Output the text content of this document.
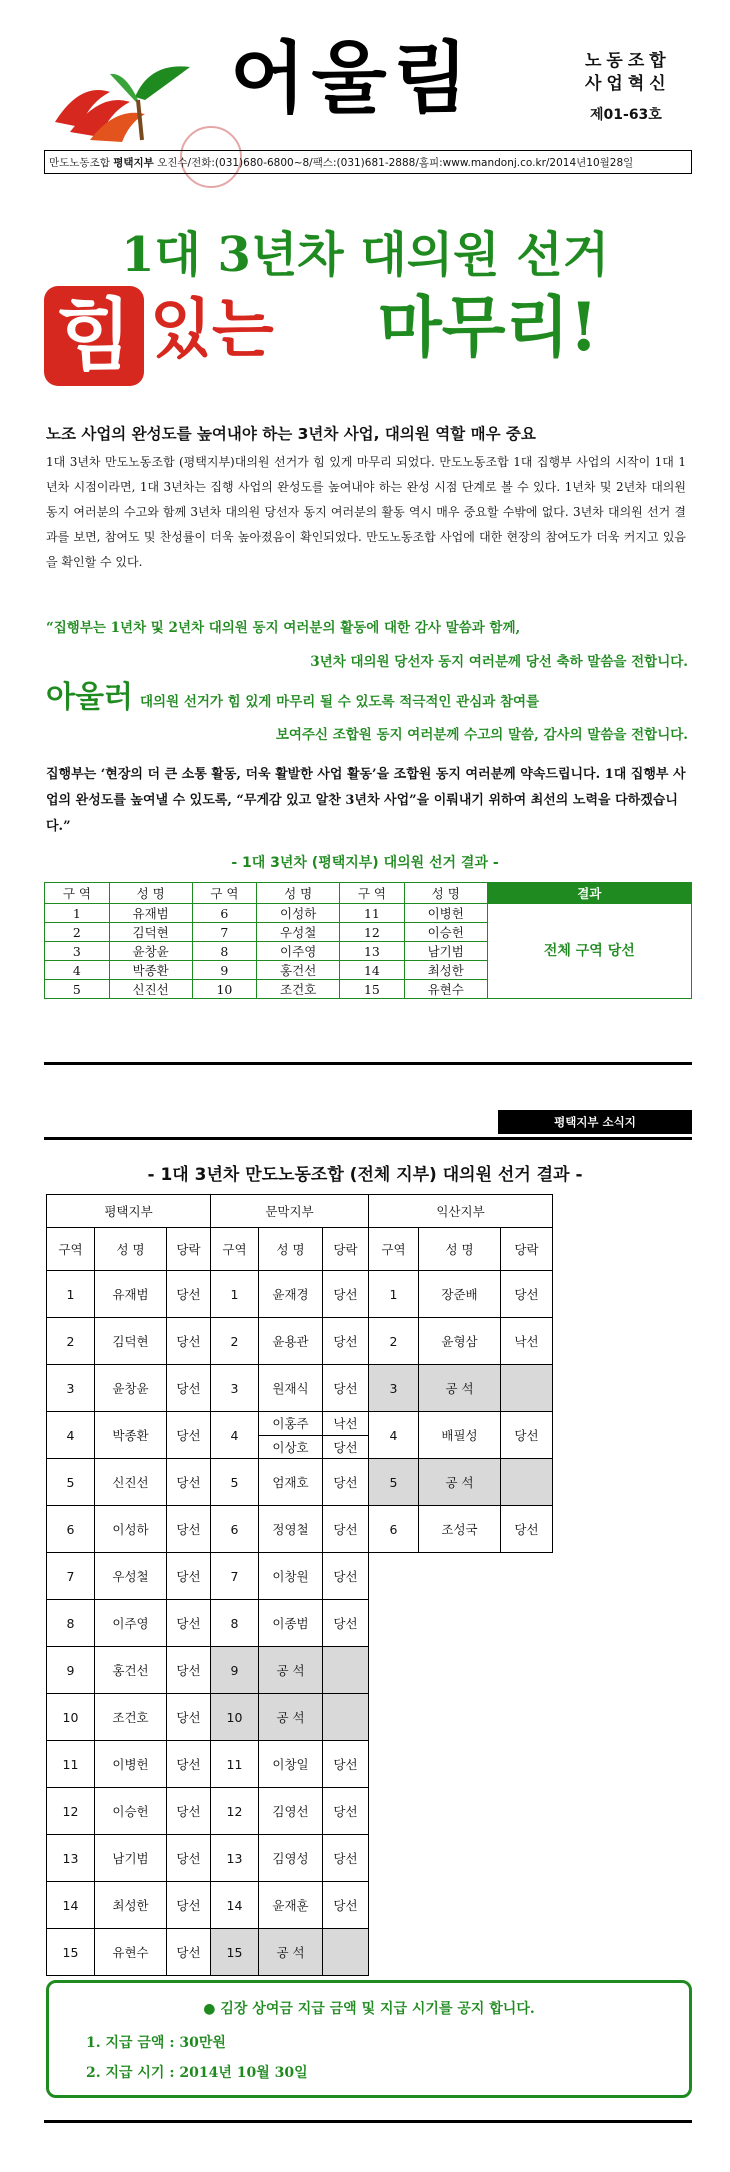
어울림	노동조합
사업혁신
제01-63호
만도노동조합 평택지부 오진수/전화:(031)680-6800~8/팩스:(031)681-2888/홈피:www.mandonj.co.kr/2014년10월28일
1대 3년차 대의원 선거
힘 있는 마무리!
노조 사업의 완성도를 높여내야 하는 3년차 사업, 대의원 역할 매우 중요
1대 3년차 만도노동조합 (평택지부)대의원 선거가 힘 있게 마무리 되었다. 만도노동조합 1대 집행부 사업의 시작이 1대 1년차 시점이라면, 1대 3년차는 집행 사업의 완성도를 높여내야 하는 완성 시점 단계로 볼 수 있다. 1년차 및 2년차 대의원 동지 여러분의 수고와 함께 3년차 대의원 당선자 동지 여러분의 활동 역시 매우 중요할 수밖에 없다. 3년차 대의원 선거 결과를 보면, 참여도 및 찬성률이 더욱 높아졌음이 확인되었다. 만도노동조합 사업에 대한 현장의 참여도가 더욱 커지고 있음을 확인할 수 있다.
“집행부는 1년차 및 2년차 대의원 동지 여러분의 활동에 대한 감사 말씀과 함께,
3년차 대의원 당선자 동지 여러분께 당선 축하 말씀을 전합니다.
아울러 대의원 선거가 힘 있게 마무리 될 수 있도록 적극적인 관심과 참여를
보여주신 조합원 동지 여러분께 수고의 말씀, 감사의 말씀을 전합니다.
집행부는 ‘현장의 더 큰 소통 활동, 더욱 활발한 사업 활동’을 조합원 동지 여러분께 약속드립니다. 1대 집행부 사업의 완성도를 높여낼 수 있도록, “무게감 있고 알찬 3년차 사업”을 이뤄내기 위하여 최선의 노력을 다하겠습니다.”
- 1대 3년차 (평택지부) 대의원 선거 결과 -
구 역	성 명	구 역	성 명	구 역	성 명	결과
1	유재범	6	이성하	11	이병헌	전체 구역 당선
2	김덕현	7	우성철	12	이승헌	
3	윤창윤	8	이주영	13	남기범	
4	박종환	9	홍건선	14	최성한	
5	신진선	10	조건호	15	유현수	
평택지부 소식지
- 1대 3년차 만도노동조합 (전체 지부) 대의원 선거 결과 -
평택지부			문막지부			익산지부		
구역	성 명	당락	구역	성 명	당락	구역	성 명	당락
1	유재범	당선	1	윤재경	당선	1	장준배	당선
2	김덕현	당선	2	윤용관	당선	2	윤형삼	낙선
3	윤창윤	당선	3	원재식	당선	3	공 석	
4	박종환	당선	4	이홍주	낙선	4	배필성	당선
				이상호	당선			
5	신진선	당선	5	엄재호	당선	5	공 석	
6	이성하	당선	6	정영철	당선	6	조성국	당선
7	우성철	당선	7	이창원	당선			
8	이주영	당선	8	이종범	당선			
9	홍건선	당선	9	공 석				
10	조건호	당선	10	공 석				
11	이병헌	당선	11	이창일	당선			
12	이승헌	당선	12	김영선	당선			
13	남기범	당선	13	김영성	당선			
14	최성한	당선	14	윤재훈	당선			
15	유현수	당선	15	공 석				
● 김장 상여금 지급 금액 및 지급 시기를 공지 합니다.
1. 지급 금액 : 30만원
2. 지급 시기 : 2014년 10월 30일
